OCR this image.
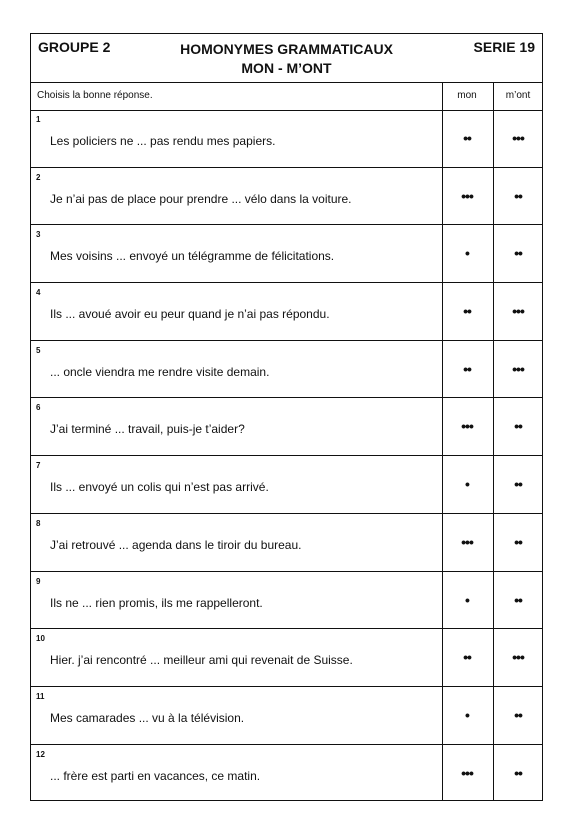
GROUPE 2	HOMONYMES GRAMMATICAUX
MON - M’ONT
SERIE 19
Choisis la bonne réponse.	mon	m’ont
1
Les policiers ne ... pas rendu mes papiers.	••	•••
2
Je n’ai pas de place pour prendre ... vélo dans la voiture.	•••	••
3
Mes voisins ... envoyé un télégramme de félicitations.	•	••
4
Ils ... avoué avoir eu peur quand je n’ai pas répondu.	••	•••
5
... oncle viendra me rendre visite demain.	••	•••
6
J’ai terminé ... travail, puis-je t’aider?	•••	••
7
Ils ... envoyé un colis qui n’est pas arrivé.	•	••
8
J’ai retrouvé ... agenda dans le tiroir du bureau.	•••	••
9
Ils ne ... rien promis, ils me rappelleront.	•	••
10
Hier. j’ai rencontré ... meilleur ami qui revenait de Suisse.	••	•••
11
Mes camarades ... vu à la télévision.	•	••
12
... frère est parti en vacances, ce matin.	•••	••
